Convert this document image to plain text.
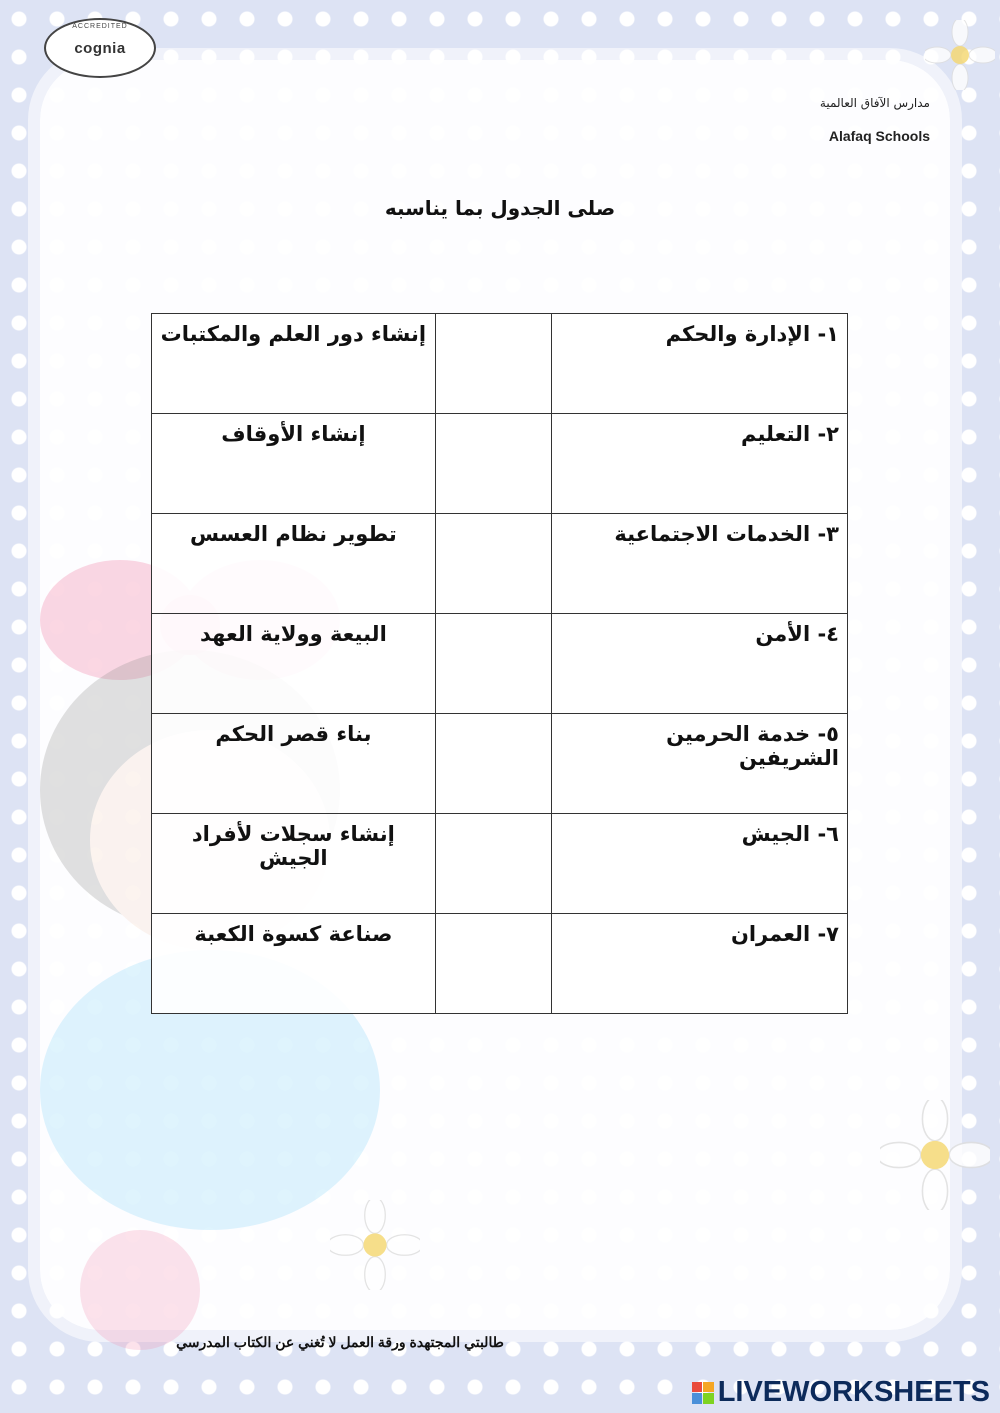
ACCREDITED
cognia
مدارس الآفاق العالمية
Alafaq Schools
صلى الجدول بما يناسبه
١- الإدارة والحكم		إنشاء دور العلم والمكتبات
٢- التعليم		إنشاء الأوقاف
٣- الخدمات الاجتماعية		تطوير نظام العسس
٤- الأمن		البيعة وولاية العهد
٥- خدمة الحرمين الشريفين		بناء قصر الحكم
٦- الجيش		إنشاء سجلات لأفراد الجيش
٧- العمران		صناعة كسوة الكعبة
طالبتي المجتهدة ورقة العمل لا تُغني عن الكتاب المدرسي
LIVEWORKSHEETS
